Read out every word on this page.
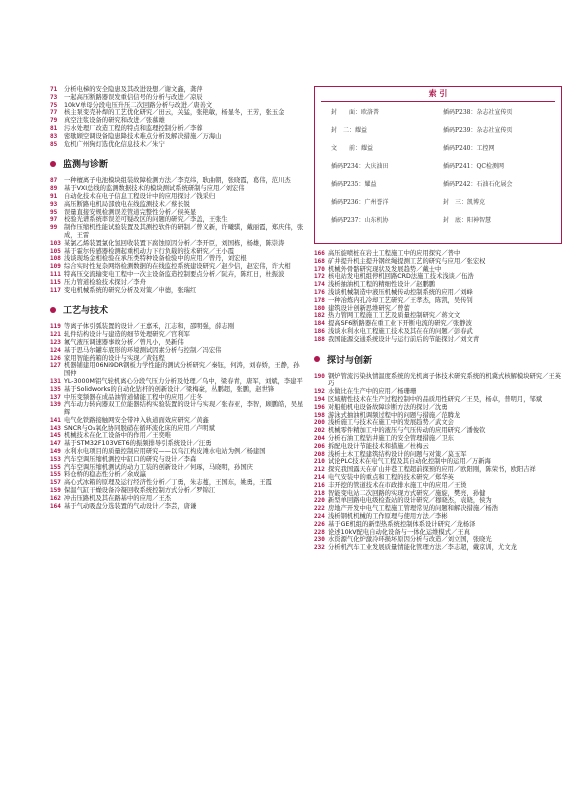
71	分析电梯的安全隐患及其改进设想／谢文鑫，龚萍
73	一起高压断路器误发重信信号的分析与改进／凉辰
75	10kV单母分段电压升压二次回路分析与改进／唐善文
77	核主泵变壳补焊的工艺优化研究／田云，关猛，张艳敏，杨显冬，王芳，张玉金
79	真空注浆设备的研究和改进／张慕雄
81	污水处理厂改造工程的特点和监理控制分析／李蓉
83	密歇顾空调设备隐患降技术难点分析及解决措施／万海山
85	危机广州狗灯选优化信息技术／朱宁
监测与诊断
87	一种檀离子电池模块组装故障检测方法／李克纬，耿曲朝，张晓霞，葛伟，范川杰
89	基于VXI总线的监测数据技术的模块测试系统研制与应用／刘宏伟
91	自动化技术在电子信息工程设计中的应用探讨／钱采归
93	高压断路电机局部放电在线监测技术／蔡长锐
95	误量直接安规检测误差管道完整性分析／侯英显
97	校验光谱系统率误差可疑改区的问题的研究／李盖，王张生
99	制作压缩机性能试验装置及其测控软件的研制／曾义新，许曦骐，戴丽霞，郑庆伟，张成，王雷
103 某氯乙烯装置氯化氢回收装置下腐蚀原因分析／李开臣，刘国栋，杨雄，陈崇涛
105 基于霍尔传感器检测起重机动力下行负载的技术研究／王小霞
108 浅谈现场金相检验在承压类特种设备检验中的应用／曾丹，刘宏根
109 综合实时性复杂网络检测数据的在线监控系统建设研究／赵少信，赵宏伟，许大相
111 特高压交流输变电工程中一次主设备监造控制要点分析／阮卉，陈红日，杜振波
115 压力管道检验技术探讨／李舟
117 变电机械系统的研究分析及对策／申德，张瑞红
工艺与技术
119 等离子体引弧装置的设计／王嘉禾，江志和，邵明强，薛志刚
121 轧件结构设计与建造的细节处理研究／官利军
123 氟气液压调速器事故分析／曾凡小，吴新伟
124 基于思马尔罐车底形的环境测试因素分析与控制／冯宏伟
126 家用智能药箱的设计与实现／黄钰程
127 机器铺建用06Ni9DR钢板力学性能的测试分析研究／秦钰，何涛，刘春娇，王静，孙国仲
131 YL-3000M铝气轮机离心分段气压力分析及处理／乌中，梁春青，唐军，刘斌，李建平
135 基于Solidworks的自动化钻杆的创新设计／梁梅豪，丛鹏超，张鹏，赵世锋
137 中压变频器在成品油管道储能工程中的应用／庄冬
139 汽车动力转向器双工位能器结构实验装置的设计与实现／张春亚，李智，顾鹏皓，吴星辉
141 电气化铁路接触网安全带冲入轨道面效应研究／黄鑫
143 SNCR与O₃氧化协同脱硝在循环流化床的应用／卢明斌
145 机械技术在化工设备中的作用／王奕唯
147 基于STM32F103VET6的振频排导引系统设计／汪勇
149 水利水电项目的质量控制应用研究——以乌江构皮滩水电站为例／杨建国
153 汽车空调压缩机测控中缸口的研究与设计／李森
155 汽车空调压缩机测试的动力工装的创新设计／何琢，马晓明，孙国庆
155 料仓桥的稳态性分析／余成瀛
157 高心式冰箱的原理及运行经济性分析／丁勇，朱志蔓，王国东，姚勇，王霞
159 保温气缸干燥设备冷凝回收系统控制方式分析／罗锦江
162 冲击压路机及其在路基中的应用／王杰
164 基于气动吸盘分选装置的气动设计／李芸，唐谦
索 引
封　　面：欧洛普	插码P238：杂志社宣传页
封　二：耀益	插码P239：杂志社宣传页
文　　前：耀益	插码P240：工控网
插码P234：大庆油田	插码P241：QC检测网
插码P235：耀益	插码P242：石油石化展会
插码P236：广州誉洋	封　三：凯博克
插码P237：山东机协	封　底：阳神智慧
166 高压旋喷桩在岩土工程施工中的应用探究／普中
168 矿井提升机主提升钢丝绳提测工艺的研究与应用／张宏权
170 机械外骨骼研究现状及发展趋势／戴士中
172 核电站发电机组停机回路CRD法施工技术浅谈／伍浩
174 浅析抽油机工程的精细性设计／赵鹏鹏
176 浅谈机械制造中液压机械传动控制系统的应用／刘峰
178 一种冶炼内孔冷却工艺研究／王孝杰，陈凯，吴传钊
180 建筑设计创新思维研究／曾蕾
182 热力管网工程施工工艺及质量控制研究／蒋文文
184 提高SF6断路器在重工业下开断电流的研究／张静波
186 浅谈水利水电工程施工技术及其在在的问题／彭春武
188 我国能源交通系统设计与运行前后的节能探讨／刘文青
探讨与创新
190 钢炉管流污染执情温度系统的光机离子体技术研究系统的机冀式核解模块研究／王英巧
192 水做比在生产中的应用／杨珊珊
194 区域精性技术在生产过程控制中的品质用性研究／王昊，杨卓，普明月，邹斌
196 对船舶机电设备故障诊断方法的探讨／沈勇
198 游泳式抽油机调频过程中的问题与措施／范腾龙
200 浅析施工与技术在施工中的发展趋势／武文会
202 机械零件精加工中的液压与气压传动的应用研究／潘俊钦
204 分析石油工程钻井施工的安全管理措施／卫东
206 拆配电设计节能技术和措施／杜梅云
208 浅析土木工程建筑结构设计的问题与对策／莫玉军
210 试论PLC技术在电气工程及其自动化控制中的运用／万新海
212 探究我国露天在矿山井巷工程超前探预的应用／欧阳刚，陈荣书，欧阳吉祥
214 电气安装中的重点和工程的技术研究／郑华英
216 丰开挖的管道技术在市政排水施工中的应用／王烫
218 智能变电站二次回路的实现方式研究／施旋，樊亮，孙健
220 新型单回路电电级检查站的设计研究／穆晓杰，袁晓，侯为
222 房地产开发中电气工程施工管理常见的问题和解决措施／杨浩
224 浅析钢机机械的工作原理与使用方法／李彬
226 基于GE机组的新型热系统控制体系设计研究／龙杨泽
228 论述10kV配电自动化设备与一体化运维模式／王真
230 水资源气化炉激冷环损坏原因分析与改造／刘立国，张晓光
232 分析机汽车工业发展质量情能化管理方法／李志超，戴京训，尤文龙
